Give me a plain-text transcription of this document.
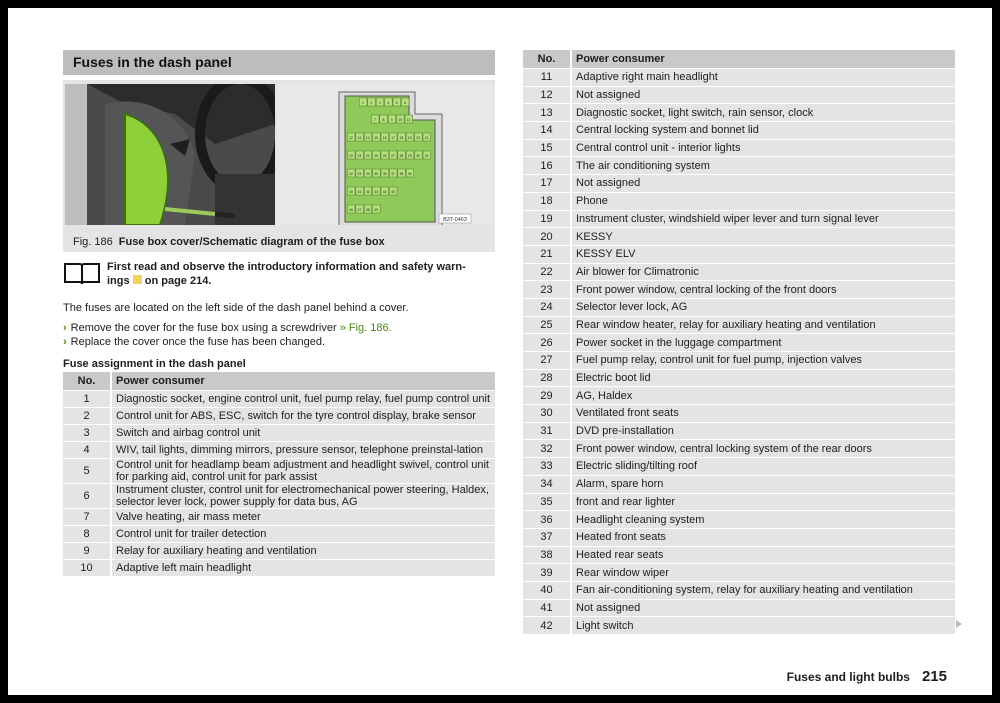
Fuses in the dash panel
1 2 3 4 5 6
7 8 9 10 11
12 13 14 15 16 17 18 19 20 21
22 23 24 25 26 27 28 29 30 31
32 33 34 35 36 37 38 39
40 41 42 43 44 45
46 47 48 49
B3T-0463
Fig. 186 Fuse box cover/Schematic diagram of the fuse box
First read and observe the introductory information and safety warn-
ings on page 214.
The fuses are located on the left side of the dash panel behind a cover.
› Remove the cover for the fuse box using a screwdriver » Fig. 186.
› Replace the cover once the fuse has been changed.
Fuse assignment in the dash panel
No.	Power consumer
1	Diagnostic socket, engine control unit, fuel pump relay, fuel pump control unit
2	Control unit for ABS, ESC, switch for the tyre control display, brake sensor
3	Switch and airbag control unit
4	WIV, tail lights, dimming mirrors, pressure sensor, telephone preinstal-lation
5	Control unit for headlamp beam adjustment and headlight swivel, control unit for parking aid, control unit for park assist
6	Instrument cluster, control unit for electromechanical power steering, Haldex, selector lever lock, power supply for data bus, AG
7	Valve heating, air mass meter
8	Control unit for trailer detection
9	Relay for auxiliary heating and ventilation
10	Adaptive left main headlight
No.	Power consumer
11	Adaptive right main headlight
12	Not assigned
13	Diagnostic socket, light switch, rain sensor, clock
14	Central locking system and bonnet lid
15	Central control unit - interior lights
16	The air conditioning system
17	Not assigned
18	Phone
19	Instrument cluster, windshield wiper lever and turn signal lever
20	KESSY
21	KESSY ELV
22	Air blower for Climatronic
23	Front power window, central locking of the front doors
24	Selector lever lock, AG
25	Rear window heater, relay for auxiliary heating and ventilation
26	Power socket in the luggage compartment
27	Fuel pump relay, control unit for fuel pump, injection valves
28	Electric boot lid
29	AG, Haldex
30	Ventilated front seats
31	DVD pre-installation
32	Front power window, central locking system of the rear doors
33	Electric sliding/tilting roof
34	Alarm, spare horn
35	front and rear lighter
36	Headlight cleaning system
37	Heated front seats
38	Heated rear seats
39	Rear window wiper
40	Fan air-conditioning system, relay for auxiliary heating and ventilation
41	Not assigned
42	Light switch
Fuses and light bulbs 215
